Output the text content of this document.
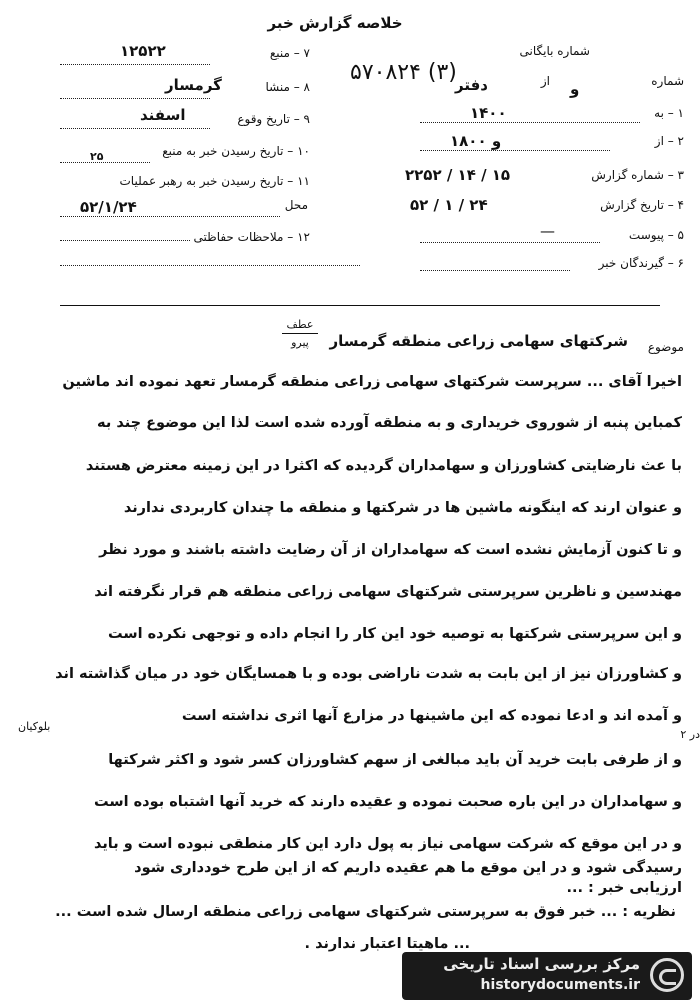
خلاصه گزارش خبر
۷ – منبع
۱۲۵۲۲
۸ – منشا
گرمسار
۹ – تاریخ وقوع
اسفند
۱۰ – تاریخ رسیدن خبر به منبع
۲۵
۱۱ – تاریخ رسیدن خبر به رهبر عملیات
محل
۵۲/۱/۲۴
۱۲ – ملاحظات حفاظتی
شماره بایگانی
۵۷۰۸۲۴ (۳)	شماره
و
از
دفتر
۱ – به
۱۴۰۰
۲ – از
۱۸۰۰ و
۳ – شماره گزارش
۲۲۵۲ / ۱۴ / ۱۵
۴ – تاریخ گزارش
۵۲ / ۱ / ۲۴
۵ – پیوست
—
۶ – گیرندگان خبر
موضوع
شرکتهای سهامی زراعی منطقه گرمسار
عطف
پیرو
اخیرا آقای ... سرپرست شرکتهای سهامی زراعی منطقه گرمسار تعهد نموده اند ماشین
کمباین پنبه از شوروی خریداری و به منطقه آورده شده است لذا این موضوع چند به
با عث نارضایتی کشاورزان و سهامداران گردیده که اکثرا در این زمینه معترض هستند
و عنوان ارند که اینگونه ماشین ها در شرکتها و منطقه ما چندان کاربردی ندارند
و تا کنون آزمایش نشده است که سهامداران از آن رضایت داشته باشند و مورد نظر
مهندسین و ناظرین سرپرستی شرکتهای سهامی زراعی منطقه هم قرار نگرفته اند
و این سرپرستی شرکتها به توصیه خود این کار را انجام داده و توجهی نکرده است
و کشاورزان نیز از این بابت به شدت ناراضی بوده و با همسایگان خود در میان گذاشته اند
و آمده اند و ادعا نموده که این ماشینها در مزارع آنها اثری نداشته است
و از طرفی بابت خرید آن باید مبالغی از سهم کشاورزان کسر شود و اکثر شرکتها
و سهامداران در این باره صحبت نموده و عقیده دارند که خرید آنها اشتباه بوده است
و در این موقع که شرکت سهامی نیاز به پول دارد این کار منطقی نبوده است و باید
رسیدگی شود و در این موقع ما هم عقیده داریم که از این طرح خودداری شود
در ۲
بلوکیان
ارزیابی خبر : ...
نظریه : ... خبر فوق به سرپرستی شرکتهای سهامی زراعی منطقه ارسال شده است ...
... ماهیتا اعتبار ندارند .
مرکز بررسی اسناد تاریخی
historydocuments.ir
